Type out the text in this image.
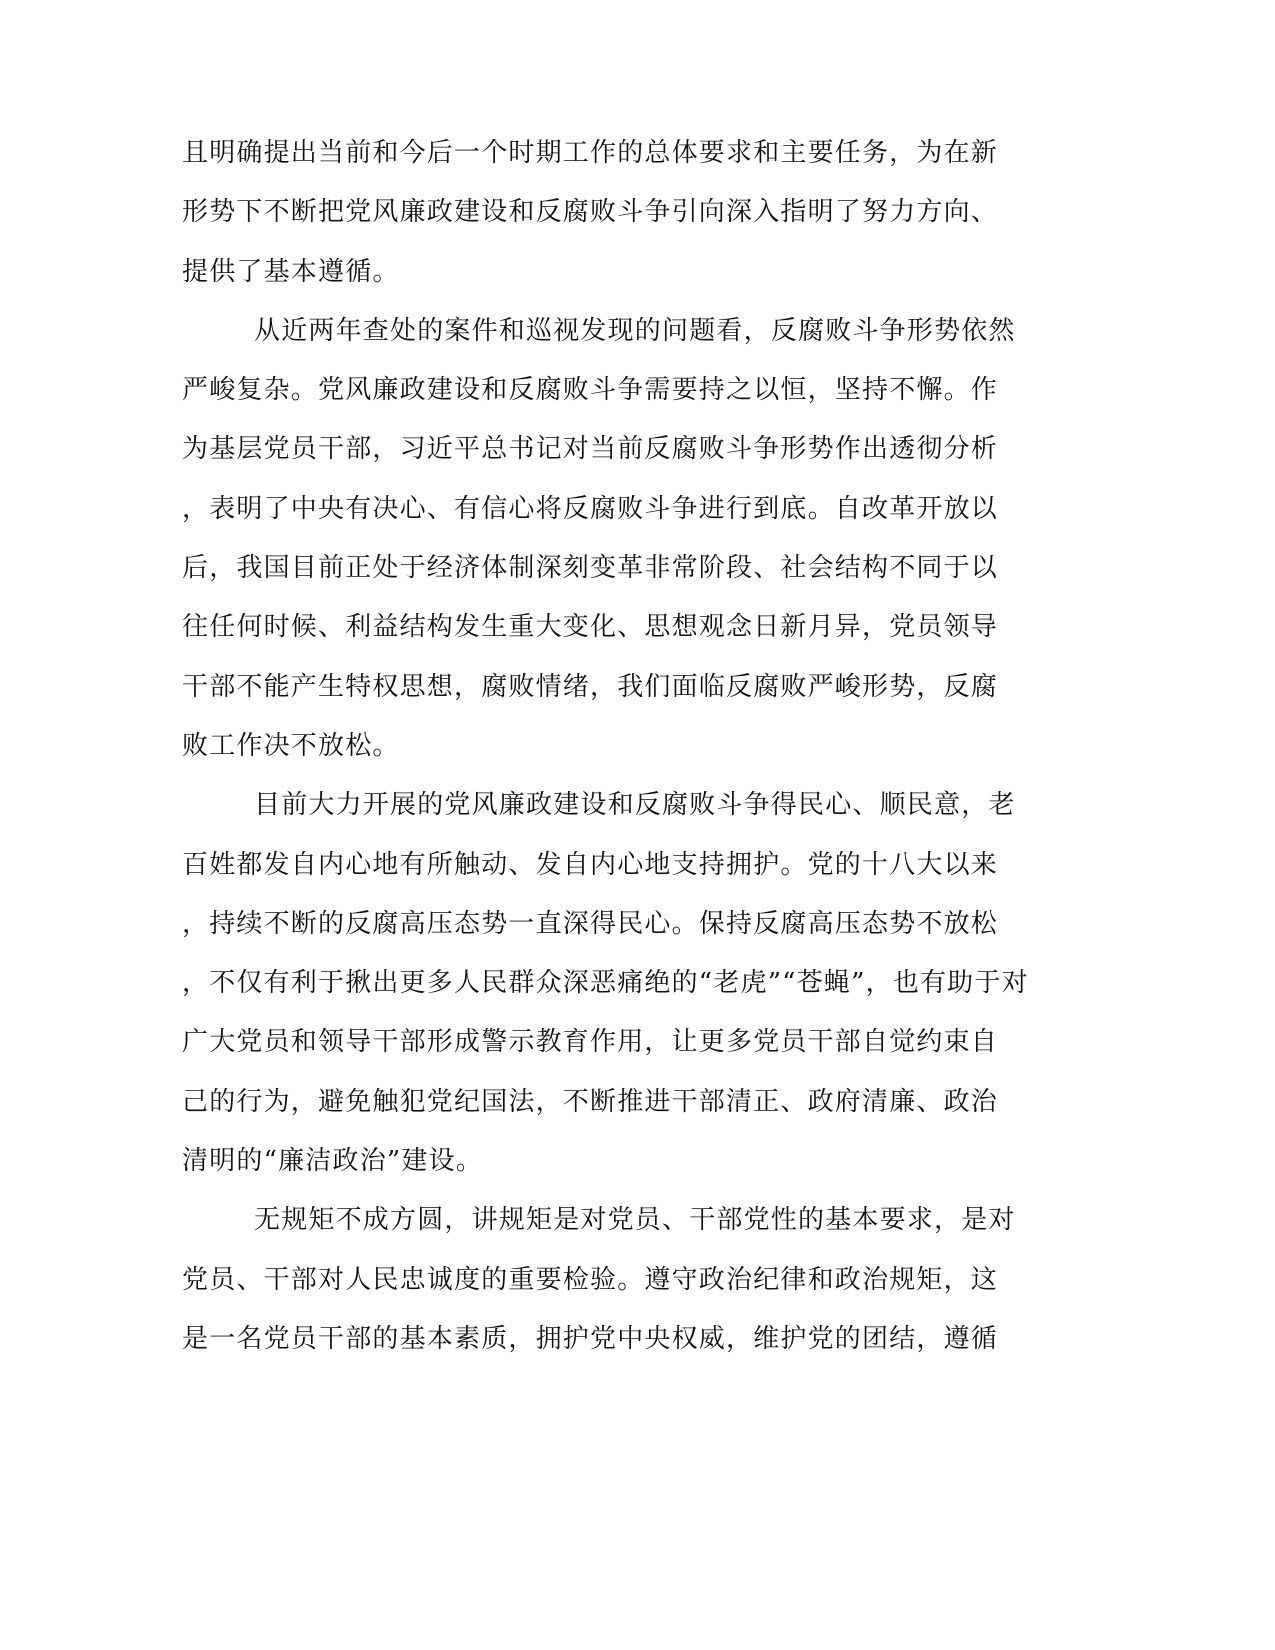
且明确提出当前和今后一个时期工作的总体要求和主要任务，为在新
形势下不断把党风廉政建设和反腐败斗争引向深入指明了努力方向、
提供了基本遵循。
从近两年查处的案件和巡视发现的问题看，反腐败斗争形势依然
严峻复杂。党风廉政建设和反腐败斗争需要持之以恒，坚持不懈。作
为基层党员干部，习近平总书记对当前反腐败斗争形势作出透彻分析
，表明了中央有决心、有信心将反腐败斗争进行到底。自改革开放以
后，我国目前正处于经济体制深刻变革非常阶段、社会结构不同于以
往任何时候、利益结构发生重大变化、思想观念日新月异，党员领导
干部不能产生特权思想，腐败情绪，我们面临反腐败严峻形势，反腐
败工作决不放松。
目前大力开展的党风廉政建设和反腐败斗争得民心、顺民意，老
百姓都发自内心地有所触动、发自内心地支持拥护。党的十八大以来
，持续不断的反腐高压态势一直深得民心。保持反腐高压态势不放松
，不仅有利于揪出更多人民群众深恶痛绝的“老虎”“苍蝇”，也有助于对
广大党员和领导干部形成警示教育作用，让更多党员干部自觉约束自
己的行为，避免触犯党纪国法，不断推进干部清正、政府清廉、政治
清明的“廉洁政治”建设。
无规矩不成方圆，讲规矩是对党员、干部党性的基本要求，是对
党员、干部对人民忠诚度的重要检验。遵守政治纪律和政治规矩，这
是一名党员干部的基本素质，拥护党中央权威，维护党的团结，遵循
